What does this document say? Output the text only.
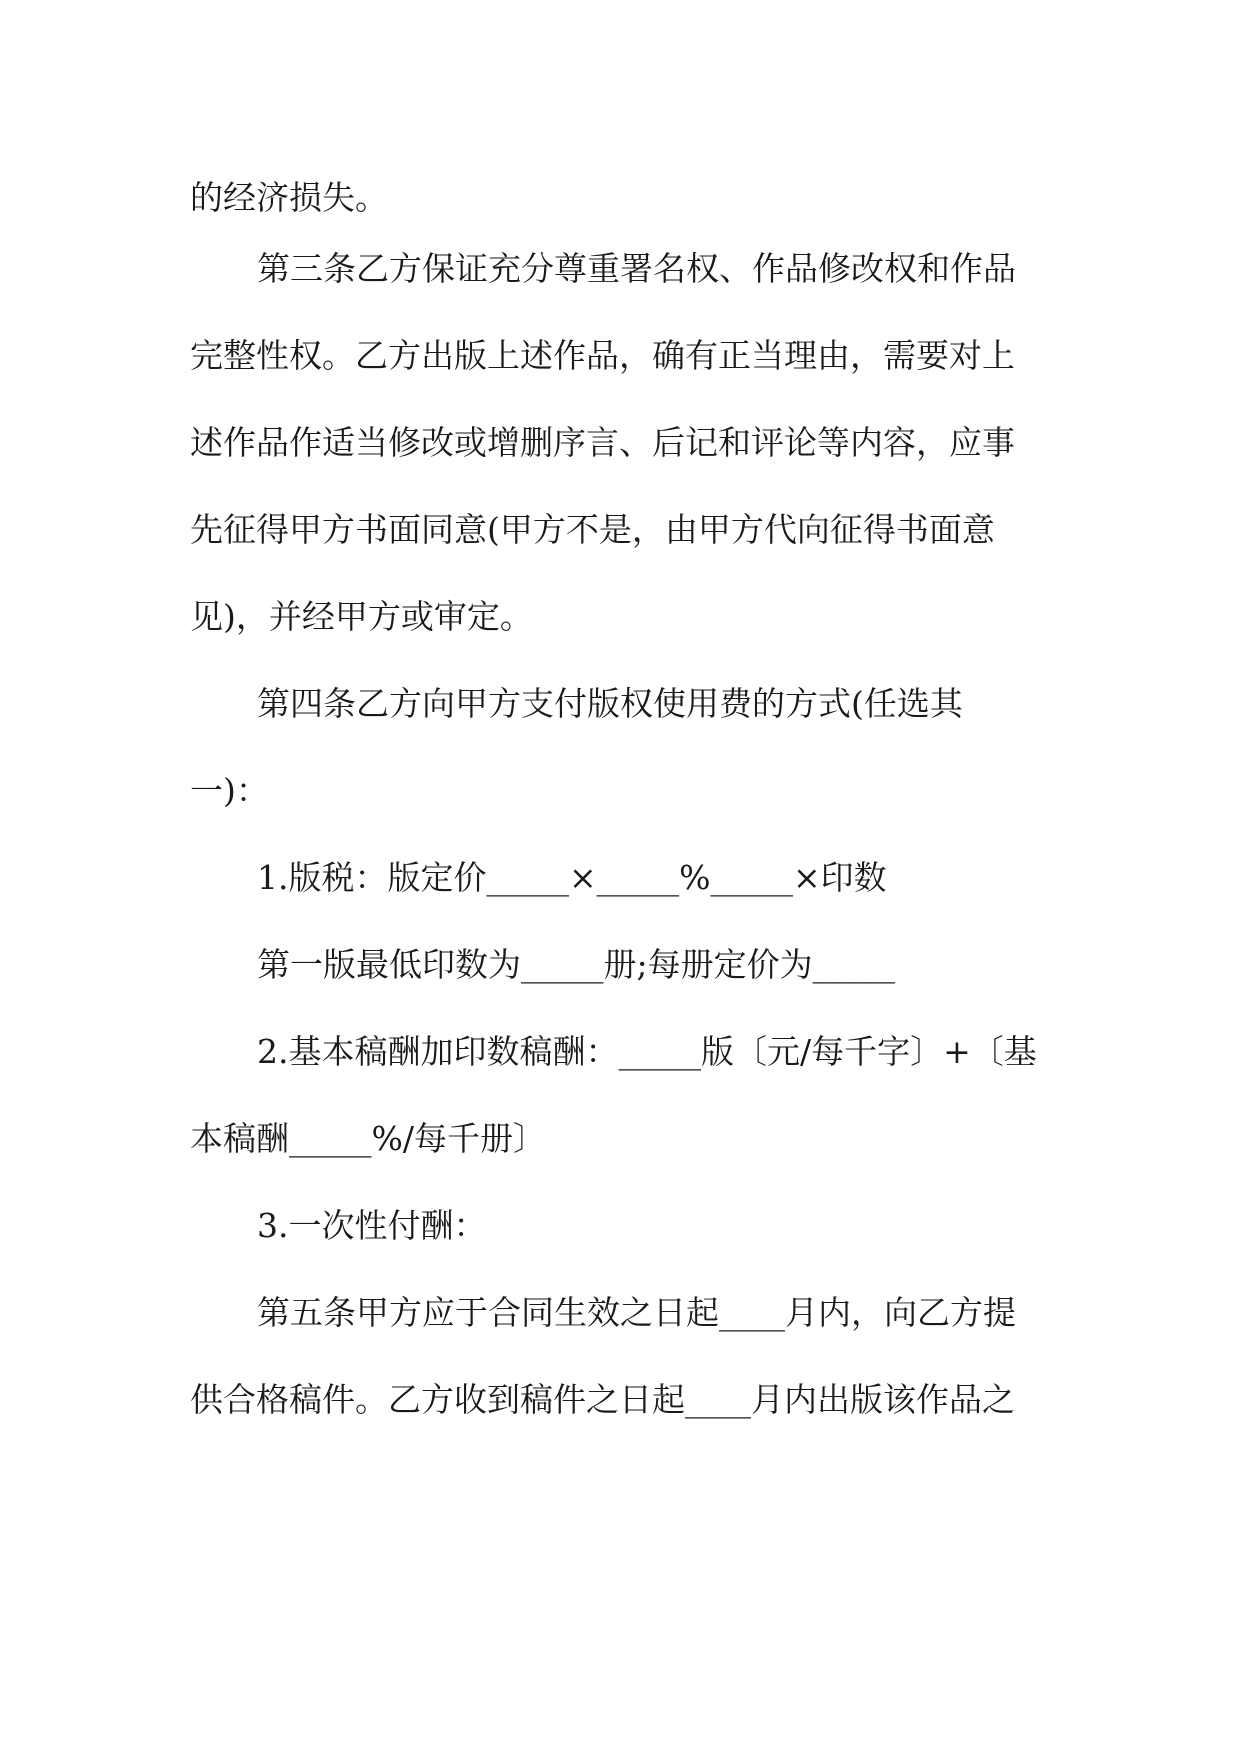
的经济损失。

第三条乙方保证充分尊重署名权、作品修改权和作品

完整性权。乙方出版上述作品，确有正当理由，需要对上

述作品作适当修改或增删序言、后记和评论等内容，应事

先征得甲方书面同意(甲方不是，由甲方代向征得书面意

见)，并经甲方或审定。

第四条乙方向甲方支付版权使用费的方式(任选其

一)：

1.版税：版定价_____×_____%_____×印数

第一版最低印数为_____册;每册定价为_____

2.基本稿酬加印数稿酬：_____版〔元/每千字〕+〔基

本稿酬_____%/每千册〕

3.一次性付酬：

第五条甲方应于合同生效之日起____月内，向乙方提

供合格稿件。乙方收到稿件之日起____月内出版该作品之
